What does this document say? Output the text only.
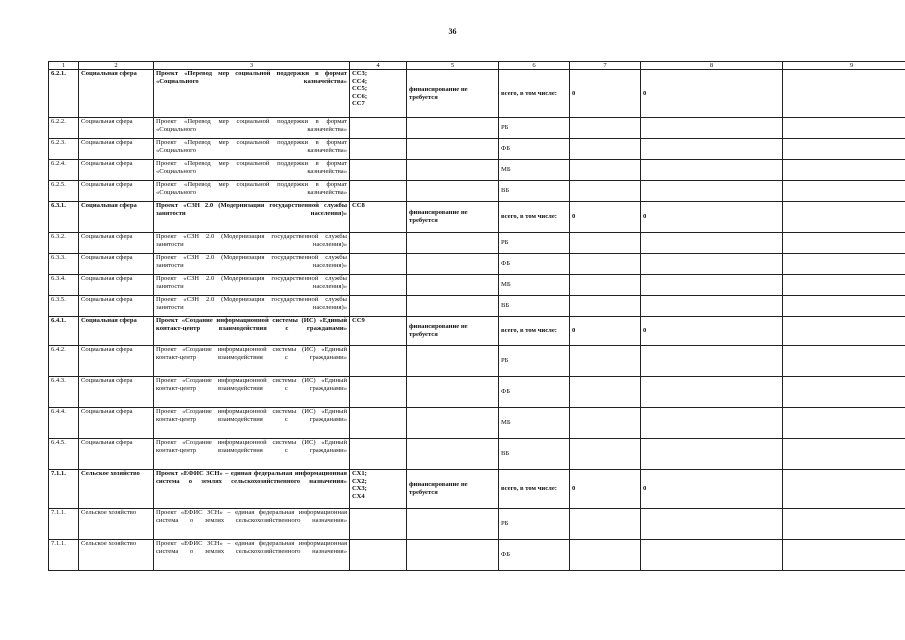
36
1	2	3	4	5	6	7	8	9
6.2.1.	Социальная сфера	Проект «Перевод мер социальной поддержки в формат «Социального казначейства»	СС3;
СС4;
СС5;
СС6;
СС7	финансирование не требуется	всего, в том числе:	0	0	
6.2.2.	Социальная сфера	Проект «Перевод мер социальной поддержки в формат «Социального казначейства»			РБ			
6.2.3.	Социальная сфера	Проект «Перевод мер социальной поддержки в формат «Социального казначейства»			ФБ			
6.2.4.	Социальная сфера	Проект «Перевод мер социальной поддержки в формат «Социального казначейства»			МБ			
6.2.5.	Социальная сфера	Проект «Перевод мер социальной поддержки в формат «Социального казначейства»			ВБ			
6.3.1.	Социальная сфера	Проект «СЗН 2.0 (Модернизация государственной службы занятости населения)»	СС8	финансирование не требуется	всего, в том числе:	0	0	
6.3.2.	Социальная сфера	Проект «СЗН 2.0 (Модернизация государственной службы занятости населения)»			РБ			
6.3.3.	Социальная сфера	Проект «СЗН 2.0 (Модернизация государственной службы занятости населения)»			ФБ			
6.3.4.	Социальная сфера	Проект «СЗН 2.0 (Модернизация государственной службы занятости населения)»			МБ			
6.3.5.	Социальная сфера	Проект «СЗН 2.0 (Модернизация государственной службы занятости населения)»			ВБ			
6.4.1.	Социальная сфера	Проект «Создание информационной системы (ИС) «Единый контакт-центр взаимодействия с гражданами»	СС9	финансирование не требуется	всего, в том числе:	0	0	
6.4.2.	Социальная сфера	Проект «Создание информационной системы (ИС) «Единый контакт-центр взаимодействия с гражданами»			РБ			
6.4.3.	Социальная сфера	Проект «Создание информационной системы (ИС) «Единый контакт-центр взаимодействия с гражданами»			ФБ			
6.4.4.	Социальная сфера	Проект «Создание информационной системы (ИС) «Единый контакт-центр взаимодействия с гражданами»			МБ			
6.4.5.	Социальная сфера	Проект «Создание информационной системы (ИС) «Единый контакт-центр взаимодействия с гражданами»			ВБ			
7.1.1.	Сельское хозяйство	Проект «ЕФИС ЗСН» – единая федеральная информационная система о землях сельскохозяйственного назначения»	СХ1;
СХ2;
СХ3;
СХ4	финансирование не требуется	всего, в том числе:	0	0	
7.1.1.	Сельское хозяйство	Проект «ЕФИС ЗСН» – единая федеральная информационная система о землях сельскохозяйственного назначения»			РБ			
7.1.1.	Сельское хозяйство	Проект «ЕФИС ЗСН» – единая федеральная информационная система о землях сельскохозяйственного назначения»			ФБ			
